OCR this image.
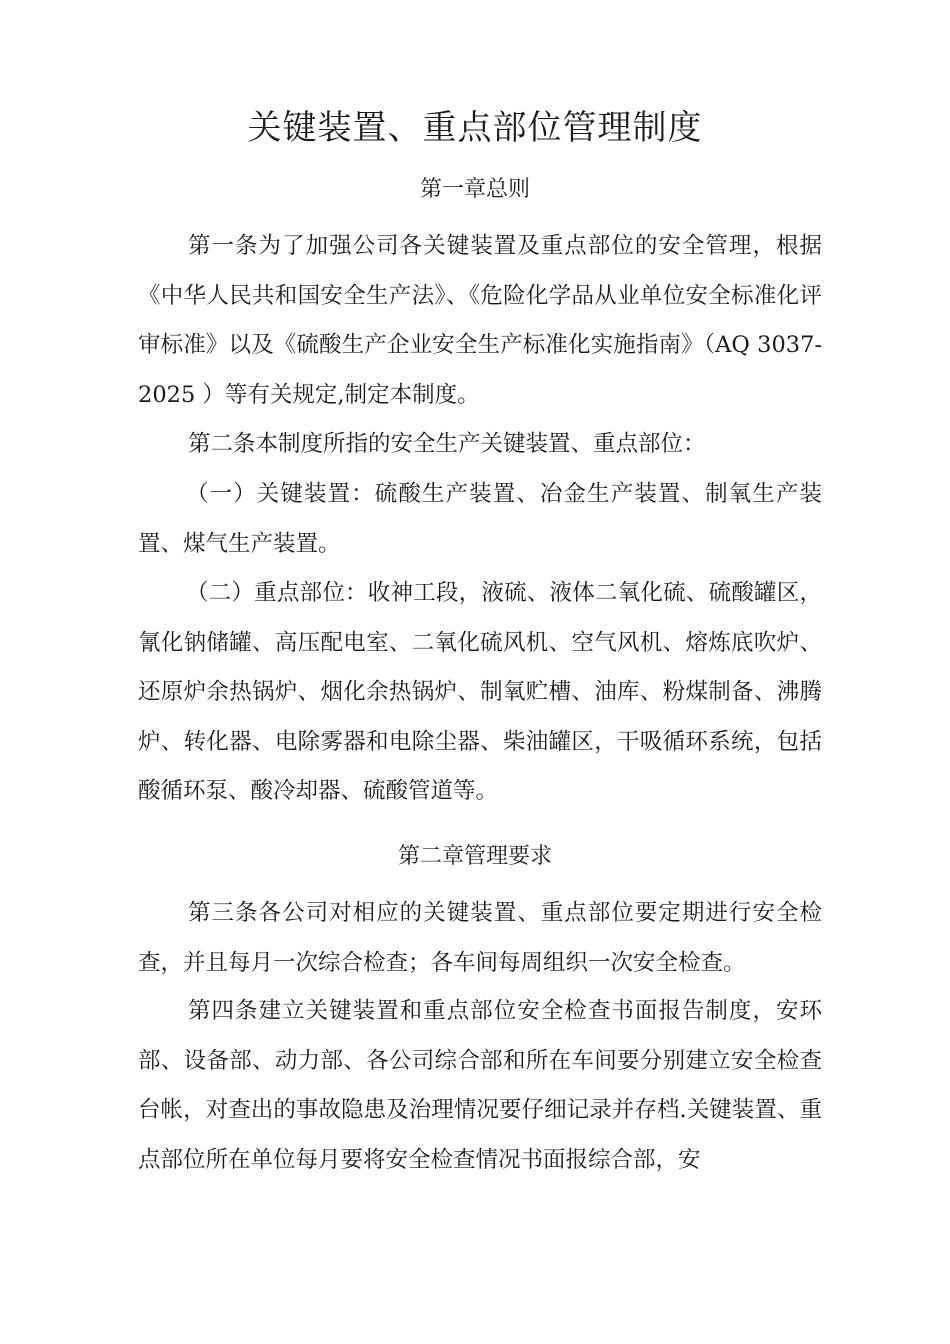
关键装置、重点部位管理制度
第一章总则
第一条为了加强公司各关键装置及重点部位的安全管理，根据《中华人民共和国安全生产法》、《危险化学品从业单位安全标准化评审标准》以及《硫酸生产企业安全生产标准化实施指南》（AQ 3037-2025 ）等有关规定,制定本制度。
第二条本制度所指的安全生产关键装置、重点部位：
（一）关键装置：硫酸生产装置、冶金生产装置、制氧生产装置、煤气生产装置。
（二）重点部位：收神工段，液硫、液体二氧化硫、硫酸罐区，氰化钠储罐、高压配电室、二氧化硫风机、空气风机、熔炼底吹炉、还原炉余热锅炉、烟化余热锅炉、制氧贮槽、油库、粉煤制备、沸腾炉、转化器、电除雾器和电除尘器、柴油罐区，干吸循环系统，包括酸循环泵、酸冷却器、硫酸管道等。
第二章管理要求
第三条各公司对相应的关键装置、重点部位要定期进行安全检查，并且每月一次综合检查；各车间每周组织一次安全检查。
第四条建立关键装置和重点部位安全检查书面报告制度，安环部、设备部、动力部、各公司综合部和所在车间要分别建立安全检查台帐，对查出的事故隐患及治理情况要仔细记录并存档.关键装置、重点部位所在单位每月要将安全检查情况书面报综合部，安
